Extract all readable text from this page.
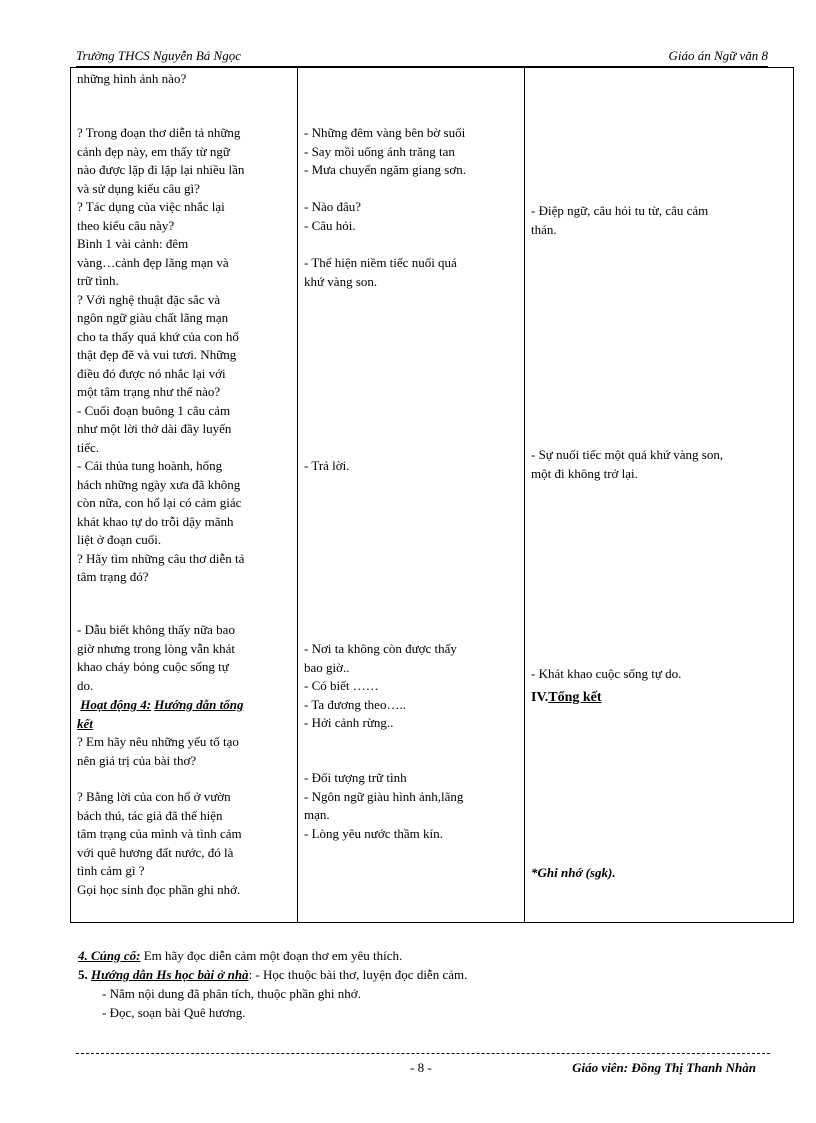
Trường THCS Nguyễn Bá Ngọc	Giáo án Ngữ văn 8
những hình ảnh nào?
? Trong đoạn thơ diễn tả những
cảnh đẹp này, em thấy từ ngữ
nào được lặp đi lặp lại nhiều lần
và sử dụng kiểu câu gì?
? Tác dụng của việc nhắc lại
theo kiểu câu này?
Bình 1 vài cảnh: đêm
vàng…cảnh đẹp lãng mạn và
trữ tình.
? Với nghệ thuật đặc sắc và
ngôn ngữ giàu chất lãng mạn
cho ta thấy quá khứ của con hổ
thật đẹp đẽ và vui tươi. Những
điều đó được nó nhắc lại với
một tâm trạng như thế nào?
- Cuối đoạn buông 1 câu cảm
như một lời thở dài đầy luyến
tiếc.
- Cái thủa tung hoành, hống
hách những ngày xưa đã không
còn nữa, con hổ lại có cảm giác
khát khao tự do trỗi dậy mãnh
liệt ở đoạn cuối.
? Hãy tìm những câu thơ diễn tả
tâm trạng đó?
- Dẫu biết không thấy nữa bao
giờ nhưng trong lòng vẫn khát
khao cháy bỏng cuộc sống tự
do.
Hoạt động 4: Hướng dẫn tổng
kết
? Em hãy nêu những yếu tố tạo
nên giá trị của bài thơ?
? Bằng lời của con hổ ở vườn
bách thú, tác giả đã thể hiện
tâm trạng của mình và tình cảm
với quê hương đất nước, đó là
tình cảm gì ?
Gọi học sinh đọc phần ghi nhớ.
- Những đêm vàng bên bờ suối
- Say mồi uống ánh trăng tan
- Mưa chuyển ngăm giang sơn.
- Nào đâu?
- Câu hỏi.
- Thể hiện niềm tiếc nuối quá
khứ vàng son.
- Trả lời.
- Nơi ta không còn được thấy
bao giờ..
- Có biết ……
- Ta đương theo…..
- Hởi cảnh rừng..
- Đối tượng trữ tình
- Ngôn ngữ giàu hình ảnh,lãng
mạn.
- Lòng yêu nước thầm kín.
- Điệp ngữ, câu hỏi tu từ, câu cảm
thán.
- Sự nuối tiếc một quá khứ vàng son,
một đi không trở lại.
- Khát khao cuộc sống tự do.
IV.Tổng kết
*Ghi nhớ (sgk).
4. Củng cố: Em hãy đọc diễn cảm một đoạn thơ em yêu thích.
5. Hướng dẫn Hs học bài ở nhà: - Học thuộc bài thơ, luyện đọc diễn cảm.
- Nắm nội dung đã phân tích, thuộc phần ghi nhớ.
- Đọc, soạn bài Quê hương.
- 8 -	Giáo viên: Đồng Thị Thanh Nhàn
